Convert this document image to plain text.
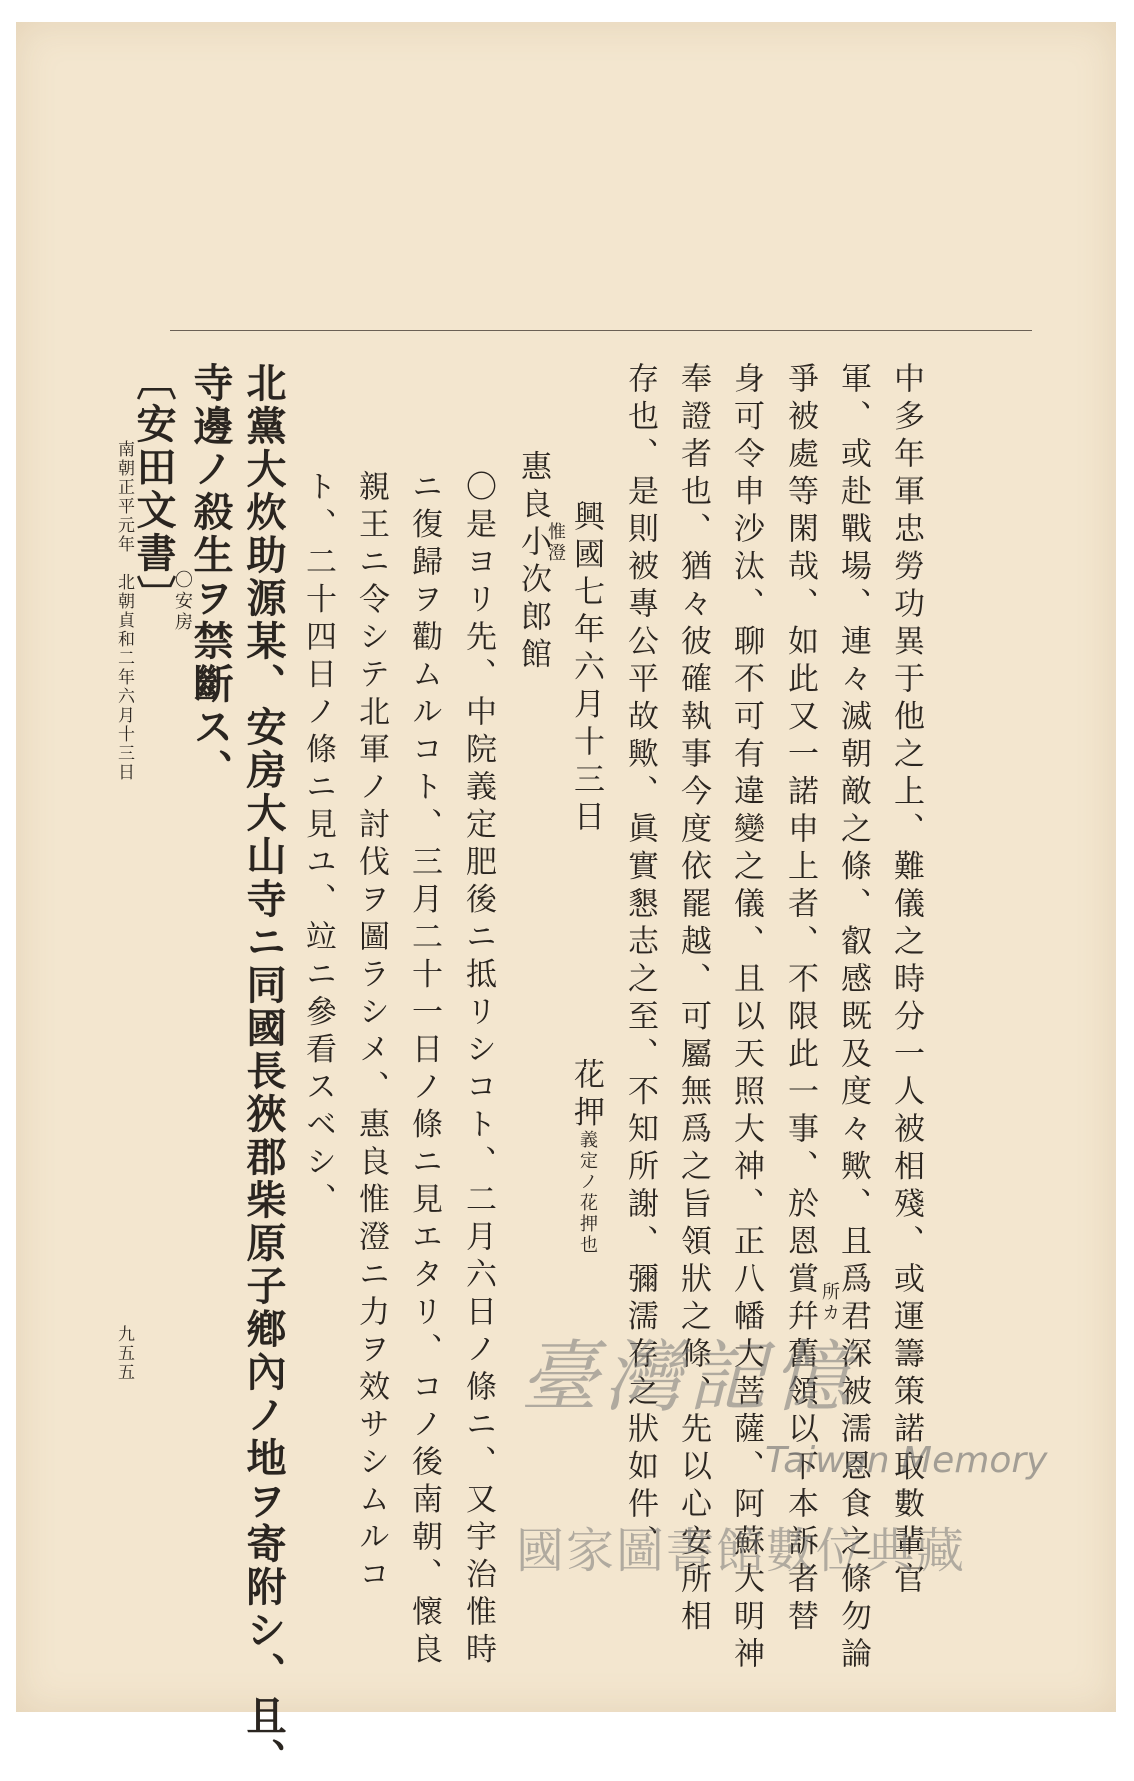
中多年軍忠勞功異于他之上、難儀之時分一人被相殘、或運籌策諾取數輩官
軍、或赴戰場、連々滅朝敵之條、叡感既及度々歟、且爲君深被濡恩食之條勿論
爭被處等閑哉、如此又一諾申上者、不限此一事、於恩賞幷舊領以下本訴者替 所カ
身可令申沙汰、聊不可有違變之儀、且以天照大神、正八幡大菩薩、阿蘇大明神
奉證者也、猶々彼確執事今度依罷越、可屬無爲之旨領狀之條、先以心安所相
存也、是則被專公平故歟、眞實懇志之至、不知所謝、彌濡存之狀如件、
興國七年六月十三日
花押
義定ノ花押也
惠良小次郎館
惟澄
〇是ヨリ先、中院義定肥後ニ抵リシコト、二月六日ノ條ニ、又宇治惟時
ニ復歸ヲ勸ムルコト、三月二十一日ノ條ニ見エタリ、コノ後南朝、懷良
親王ニ令シテ北軍ノ討伐ヲ圖ラシメ、惠良惟澄ニ力ヲ效サシムルコ
ト、二十四日ノ條ニ見ユ、竝ニ參看スベシ、
北黨大炊助源某、安房大山寺ニ同國長狹郡柴原子鄕內ノ地ヲ寄附シ、且、
寺邊ノ殺生ヲ禁斷ス、
〔安田文書〕
〇安房
南朝正平元年　北朝貞和二年六月十三日
九五五	臺灣記憶
Taiwan Memory
國家圖書館數位典藏
